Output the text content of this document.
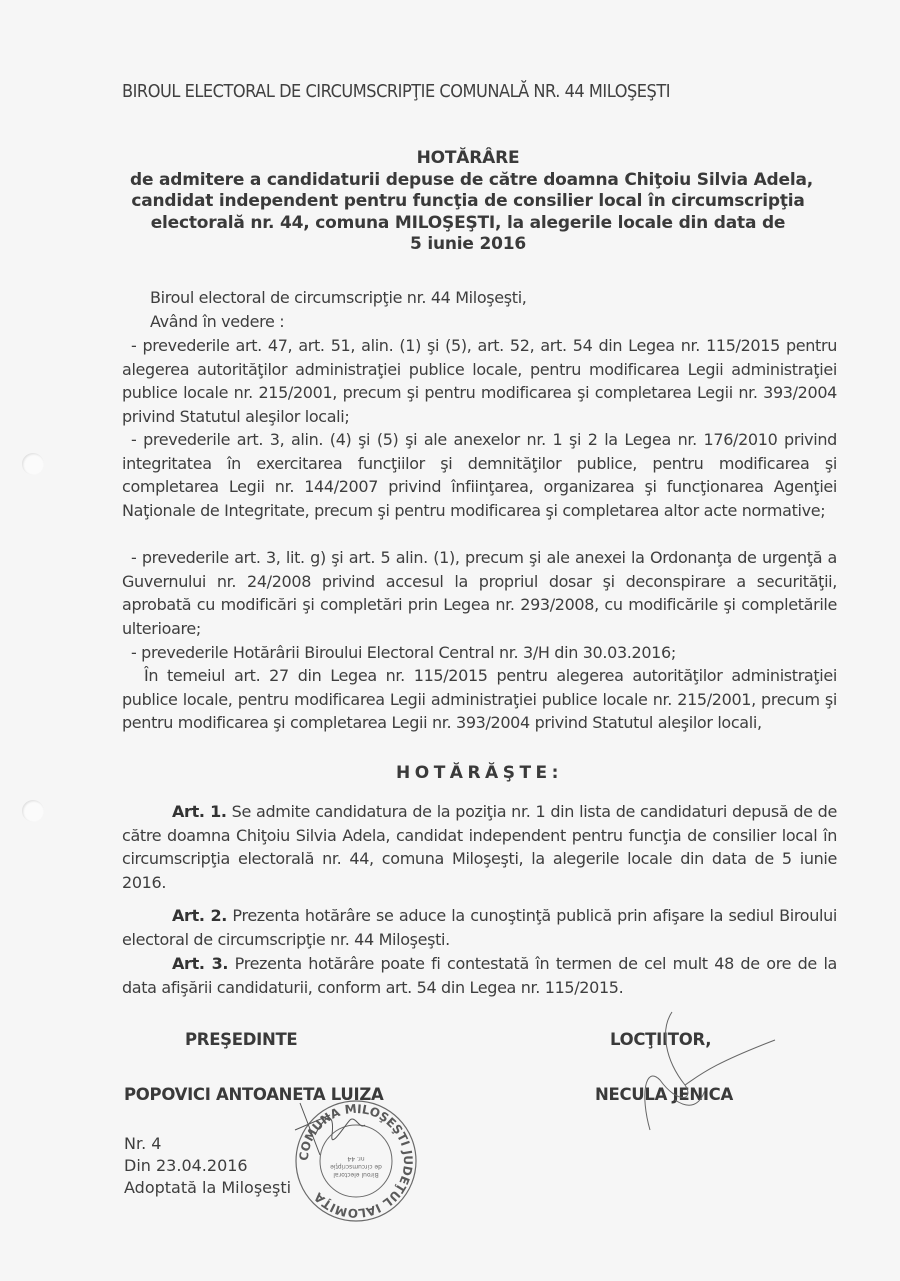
BIROUL ELECTORAL DE CIRCUMSCRIPŢIE COMUNALĂ NR. 44 MILOŞEŞTI
HOTĂRÂRE
de admitere a candidaturii depuse de către doamna Chiţoiu Silvia Adela,
candidat independent pentru funcţia de consilier local în circumscripţia
electorală nr. 44, comuna MILOŞEŞTI, la alegerile locale din data de
5 iunie 2016
Biroul electoral de circumscripţie nr. 44 Miloşeşti,
Având în vedere :
- prevederile art. 47, art. 51, alin. (1) şi (5), art. 52, art. 54 din Legea nr. 115/2015 pentru alegerea autorităţilor administraţiei publice locale, pentru modificarea Legii administraţiei publice locale nr. 215/2001, precum şi pentru modificarea şi completarea Legii nr. 393/2004 privind Statutul aleşilor locali;
- prevederile art. 3, alin. (4) şi (5) şi ale anexelor nr. 1 şi 2 la Legea nr. 176/2010 privind integritatea în exercitarea funcţiilor şi demnităţilor publice, pentru modificarea şi completarea Legii nr. 144/2007 privind înfiinţarea, organizarea şi funcţionarea Agenţiei Naţionale de Integritate, precum şi pentru modificarea şi completarea altor acte normative;
- prevederile art. 3, lit. g) şi art. 5 alin. (1), precum şi ale anexei la Ordonanţa de urgenţă a Guvernului nr. 24/2008 privind accesul la propriul dosar şi deconspirare a securităţii, aprobată cu modificări şi completări prin Legea nr. 293/2008, cu modificările şi completările ulterioare;
- prevederile Hotărârii Biroului Electoral Central nr. 3/H din 30.03.2016;
În temeiul art. 27 din Legea nr. 115/2015 pentru alegerea autorităţilor administraţiei publice locale, pentru modificarea Legii administraţiei publice locale nr. 215/2001, precum şi pentru modificarea şi completarea Legii nr. 393/2004 privind Statutul aleşilor locali,
HOTĂRĂŞTE:
Art. 1. Se admite candidatura de la poziţia nr. 1 din lista de candidaturi depusă de de către doamna Chiţoiu Silvia Adela, candidat independent pentru funcţia de consilier local în circumscripţia electorală nr. 44, comuna Miloşeşti, la alegerile locale din data de 5 iunie 2016.
Art. 2. Prezenta hotărâre se aduce la cunoştinţă publică prin afişare la sediul Biroului electoral de circumscripţie nr. 44 Miloşeşti.
Art. 3. Prezenta hotărâre poate fi contestată în termen de cel mult 48 de ore de la data afişării candidaturii, conform art. 54 din Legea nr. 115/2015.
PREŞEDINTE
POPOVICI ANTOANETA LUIZA
LOCŢIITOR,
NECULA JENICA
Nr. 4
Din 23.04.2016
Adoptată la Miloşeşti
COMUNA MILOŞEŞTI JUDEŢUL IALOMIŢA
Biroul electoral
de circumscripţie
nr. 44
